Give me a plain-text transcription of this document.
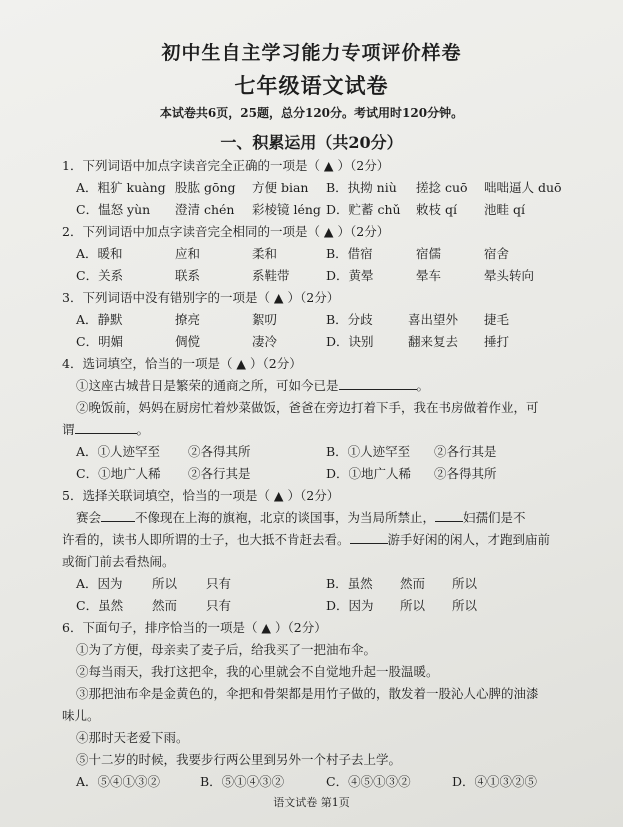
初中生自主学习能力专项评价样卷
七年级语文试卷
本试卷共6页，25题，总分120分。考试用时120分钟。
一、积累运用（共20分）
1．下列词语中加点字读音完全正确的一项是（ ▲ ）（2分）
A．粗犷 kuàng 股肱 gōng 方便 bian B．执拗 niù 搓捻 cuō 咄咄逼人 duō
C．愠怒 yùn 澄清 chén 彩棱镜 léng D．贮蓄 chǔ 敕枝 qí 池畦 qí
2．下列词语中加点字读音完全相同的一项是（ ▲ ）（2分）
A．暖和	应和	柔和	B．借宿	宿儒	宿舍
C．关系	联系	系鞋带	D．黄晕	晕车	晕头转向
3．下列词语中没有错别字的一项是（ ▲ ）（2分）
A．静默	撩亮	絮叨	B．分歧	喜出望外 捷毛
C．明媚	倜傥	凄冷	D．诀别	翻来复去 捶打
4．选词填空，恰当的一项是（ ▲ ）（2分）
①这座古城昔日是繁荣的通商之所，可如今已是	。
②晚饭前，妈妈在厨房忙着炒菜做饭，爸爸在旁边打着下手，我在书房做着作业，可
谓	。
A．①人迹罕至 ②各得其所	B．①人迹罕至 ②各行其是
C．①地广人稀 ②各行其是	D．①地广人稀 ②各得其所
5．选择关联词填空，恰当的一项是（ ▲ ）（2分）
赛会	不像现在上海的旗袍，北京的谈国事，为当局所禁止， 妇孺们是不
许看的，读书人即所谓的士子，也大抵不肯赶去看。	游手好闲的闲人，才跑到庙前
或衙门前去看热闹。
A．因为 所以 只有	B．虽然 然而 所以
C．虽然 然而 只有	D．因为 所以 所以
6．下面句子，排序恰当的一项是（ ▲ ）（2分）
①为了方便，母亲卖了麦子后，给我买了一把油布伞。
②每当雨天，我打这把伞，我的心里就会不自觉地升起一股温暖。
③那把油布伞是金黄色的，伞把和骨架都是用竹子做的，散发着一股沁人心脾的油漆
味儿。
④那时天老爱下雨。
⑤十二岁的时候，我要步行两公里到另外一个村子去上学。
A．⑤④①③②	B．⑤①④③②	C．④⑤①③②	D．④①③②⑤
语文试卷 第1页
